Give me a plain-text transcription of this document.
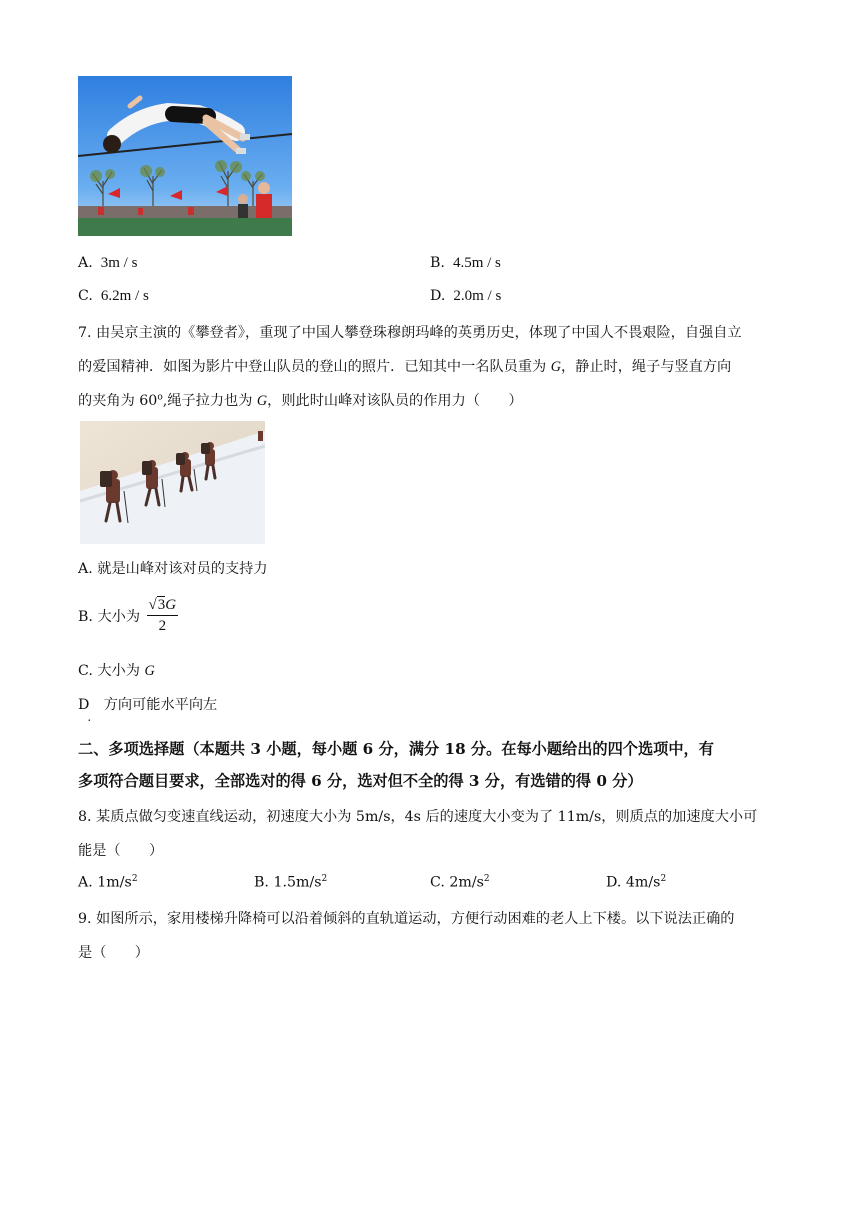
A. 3m / s	B. 4.5m / s
C. 6.2m / s	D. 2.0m / s
7. 由吴京主演的《攀登者》，重现了中国人攀登珠穆朗玛峰的英勇历史，体现了中国人不畏艰险，自强自立
的爱国精神．如图为影片中登山队员的登山的照片．已知其中一名队员重为 G，静止时，绳子与竖直方向
的夹角为 60$^o$,绳子拉力也为 G，则此时山峰对该队员的作用力（　　）
A. 就是山峰对该对员的支持力
B. 大小为 $\frac{√3G}{2}$
C. 大小为 G
$D_.$ 方向可能水平向左
二、多项选择题（本题共 3 小题，每小题 6 分，满分 18 分。在每小题给出的四个选项中，有
多项符合题目要求，全部选对的得 6 分，选对但不全的得 3 分，有选错的得 0 分）
8. 某质点做匀变速直线运动，初速度大小为 5m/s，4s 后的速度大小变为了 11m/s，则质点的加速度大小可
能是（　　）
A. $1m/s^2$	B. $1.5m/s^2$	C. $2m/s^2$	D. $4m/s^2$
9. 如图所示，家用楼梯升降椅可以沿着倾斜的直轨道运动，方便行动困难的老人上下楼。以下说法正确的
是（　　）
